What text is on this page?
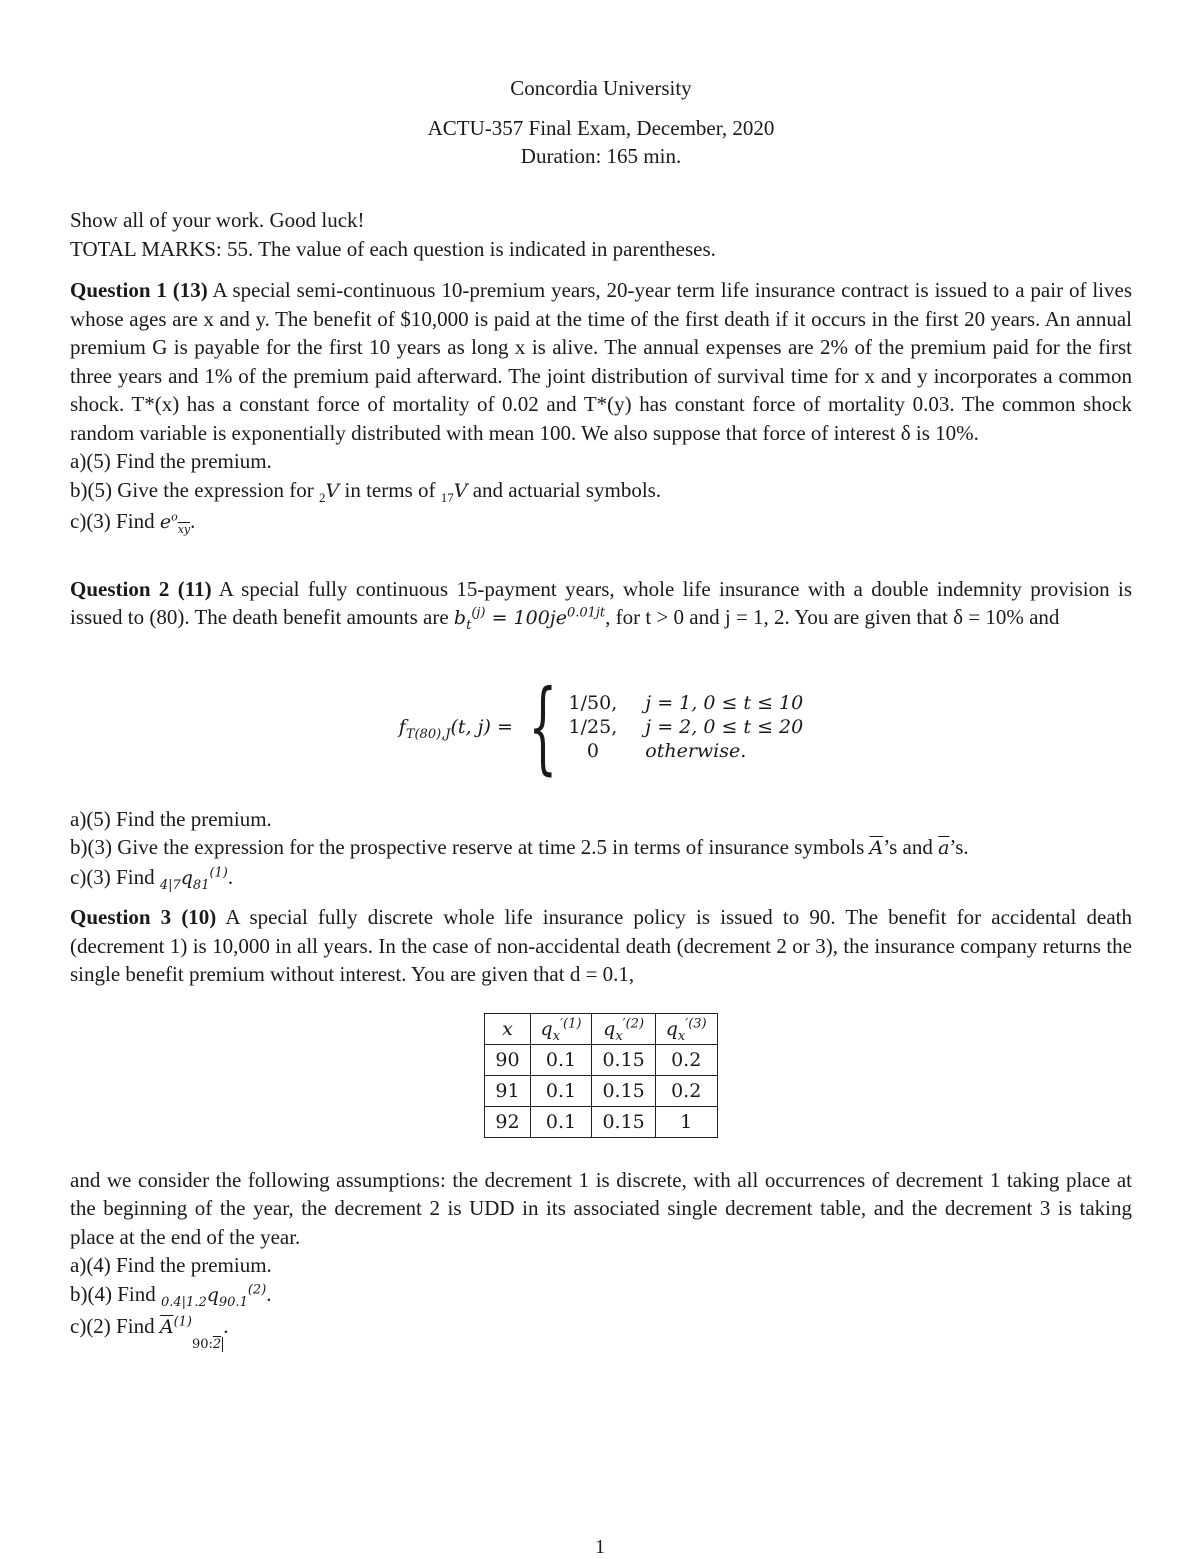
Concordia University
ACTU-357 Final Exam, December, 2020
Duration: 165 min.
Show all of your work. Good luck!
TOTAL MARKS: 55. The value of each question is indicated in parentheses.

Question 1 (13) A special semi-continuous 10-premium years, 20-year term life insurance contract is issued to a pair of lives whose ages are x and y. The benefit of $10,000 is paid at the time of the first death if it occurs in the first 20 years. An annual premium G is payable for the first 10 years as long x is alive. The annual expenses are 2% of the premium paid for the first three years and 1% of the premium paid afterward. The joint distribution of survival time for x and y incorporates a common shock. T*(x) has a constant force of mortality of 0.02 and T*(y) has constant force of mortality 0.03. The common shock random variable is exponentially distributed with mean 100. We also suppose that force of interest δ is 10%.

a)(5) Find the premium.
b)(5) Give the expression for $_2$V in terms of $_{17}$V and actuarial symbols.
c)(3) Find $e^o_{\overline{xy}}$.

Question 2 (11) A special fully continuous 15-payment years, whole life insurance with a double indemnity provision is issued to (80). The death benefit amounts are $b_t^{(j)} = 100je^{0.01jt}$, for t > 0 and j = 1, 2. You are given that δ = 10% and

$f_{T(80),J}(t$, j) = { 1/50, j = 1, 0 ≤ t ≤ 10
1/25, j = 2, 0 ≤ t ≤ 20
0	otherwise.
a)(5) Find the premium.
b)(3) Give the expression for the prospective reserve at time 2.5 in terms of insurance symbols $\overline{A}’s$ and $\overline{a}’s$.
c)(3) Find $_{4|7}q_{81}^{(1)}$.

Question 3 (10) A special fully discrete whole life insurance policy is issued to 90. The benefit for accidental death (decrement 1) is 10,000 in all years. In the case of non-accidental death (decrement 2 or 3), the insurance company returns the single benefit premium without interest. You are given that d = 0.1,

x	$q_x^{'(1)}$	$q_x^{'(2)}$	$q_x^{'(3)}$
90	0.1	0.15	0.2
91	0.1	0.15	0.2
92	0.1	0.15	1

and we consider the following assumptions: the decrement 1 is discrete, with all occurrences of decrement 1 taking place at the beginning of the year, the decrement 2 is UDD in its associated single decrement table, and the decrement 3 is taking place at the end of the year.

a)(4) Find the premium.
b)(4) Find $_{0.4|1.2}q_{90.1}^{(2)}$.
c)(2) Find $\overline{A}^{(1)}_{90:2}$.
1
